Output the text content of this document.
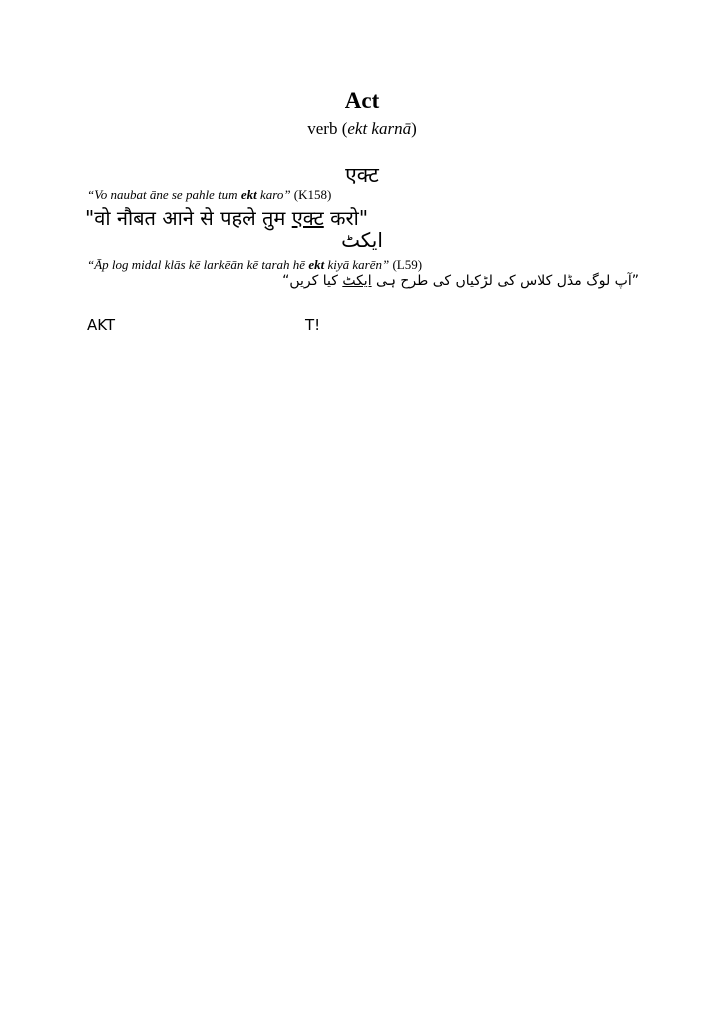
Act
verb (ekt karnā)
एक्ट
“Vo naubat āne se pahle tum ekt karo” (K158)
"वो नौबत आने से पहले तुम एक्ट करो"
ایکٹ
“Āp log midal klās kē larkēān kē tarah hē ekt kiyā karēn” (L59)
”آپ لوگ مڈل کلاس کی لڑکیاں کی طرح ہی ایکٹ کیا کریں“
AKT	T!
